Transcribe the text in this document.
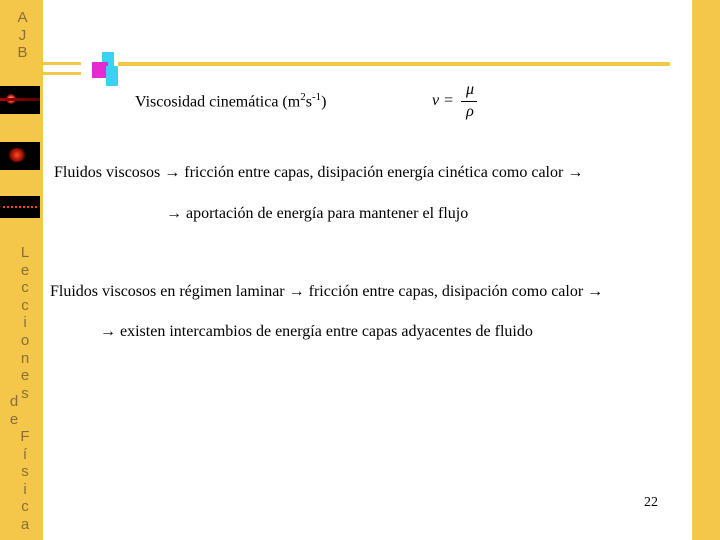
A
J
B
L
e
c
c
i
o
n
e
s
d
e
F
í
s
i
c
a
Viscosidad cinemática $(m^2s^{-1})$	ν =
μ
ρ
Fluidos viscosos → fricción entre capas, disipación energía cinética como calor →
→ aportación de energía para mantener el flujo
Fluidos viscosos en régimen laminar → fricción entre capas, disipación como calor →
→ existen intercambios de energía entre capas adyacentes de fluido
22
